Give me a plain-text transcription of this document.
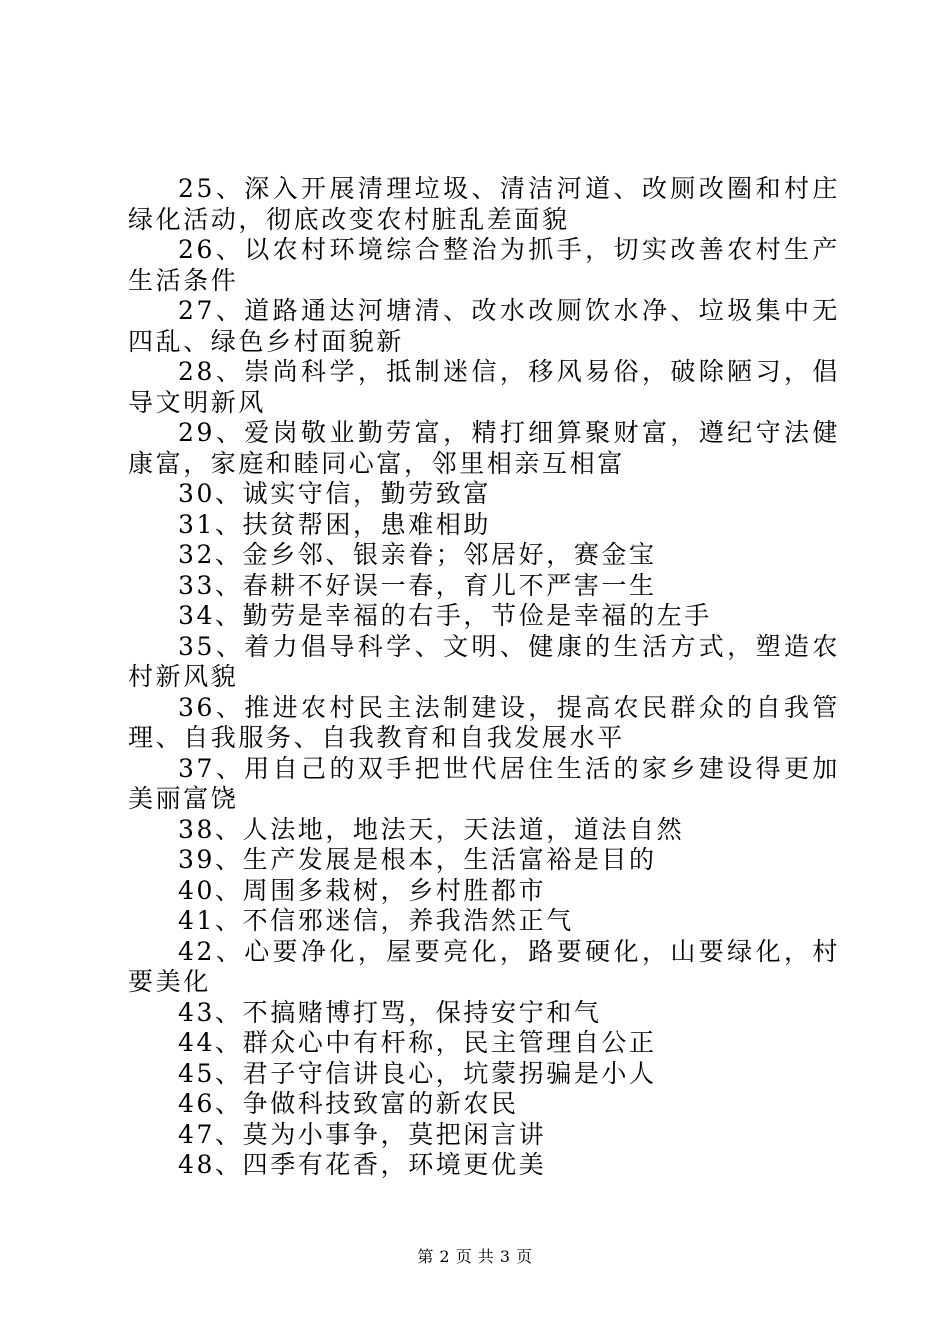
25、深入开展清理垃圾、清洁河道、改厕改圈和村庄绿化活动，彻底改变农村脏乱差面貌

26、以农村环境综合整治为抓手，切实改善农村生产生活条件

27、道路通达河塘清、改水改厕饮水净、垃圾集中无四乱、绿色乡村面貌新

28、崇尚科学，抵制迷信，移风易俗，破除陋习，倡导文明新风

29、爱岗敬业勤劳富，精打细算聚财富，遵纪守法健康富，家庭和睦同心富，邻里相亲互相富

30、诚实守信，勤劳致富

31、扶贫帮困，患难相助

32、金乡邻、银亲眷；邻居好，赛金宝

33、春耕不好误一春，育儿不严害一生

34、勤劳是幸福的右手，节俭是幸福的左手

35、着力倡导科学、文明、健康的生活方式，塑造农村新风貌

36、推进农村民主法制建设，提高农民群众的自我管理、自我服务、自我教育和自我发展水平

37、用自己的双手把世代居住生活的家乡建设得更加美丽富饶

38、人法地，地法天，天法道，道法自然

39、生产发展是根本，生活富裕是目的

40、周围多栽树，乡村胜都市

41、不信邪迷信，养我浩然正气

42、心要净化，屋要亮化，路要硬化，山要绿化，村要美化

43、不搞赌博打骂，保持安宁和气

44、群众心中有杆称，民主管理自公正

45、君子守信讲良心，坑蒙拐骗是小人

46、争做科技致富的新农民

47、莫为小事争，莫把闲言讲

48、四季有花香，环境更优美

第 2 页 共 3 页
